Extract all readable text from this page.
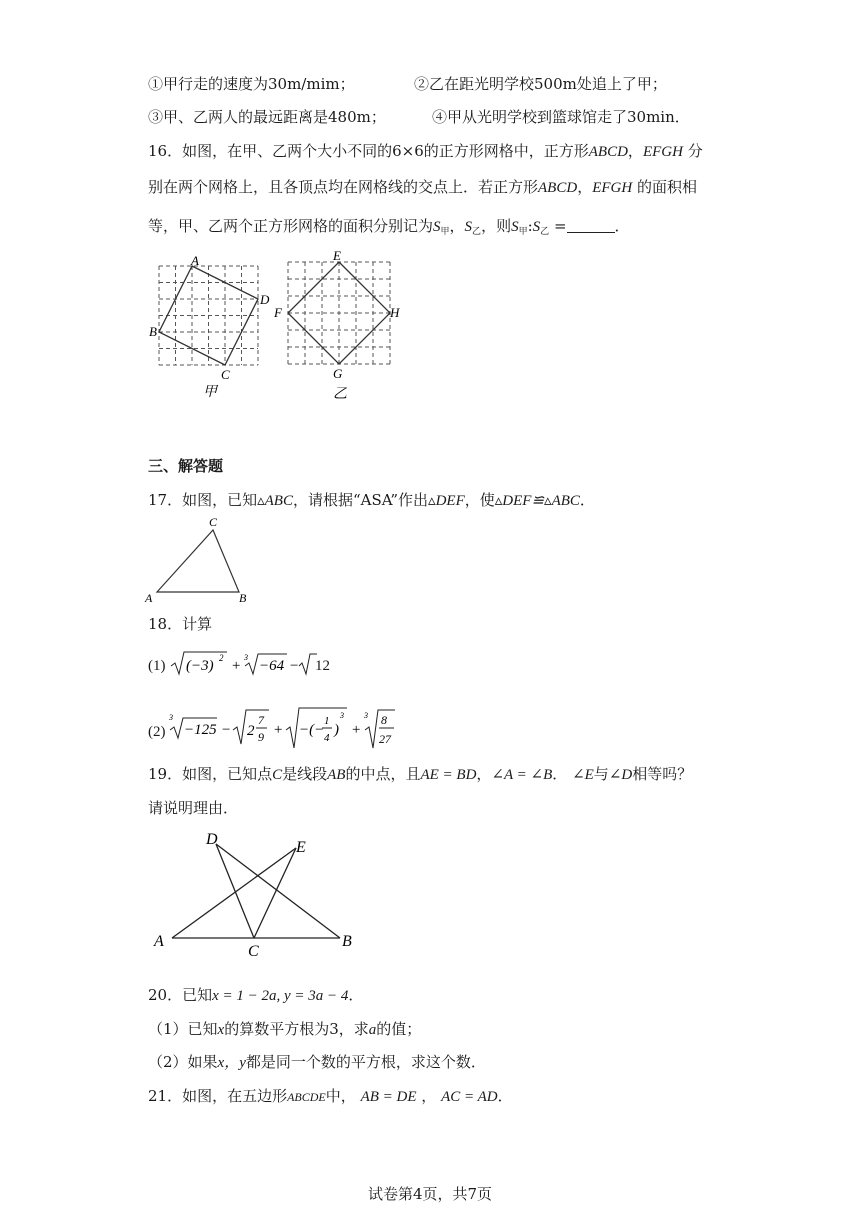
①甲行走的速度为30m/mim；	②乙在距光明学校500m处追上了甲；
③甲、乙两人的最远距离是480m；	④甲从光明学校到篮球馆走了30min．
16．如图，在甲、乙两个大小不同的6×6的正方形网格中，正方形ABCD，EFGH 分
别在两个网格上，且各顶点均在网格线的交点上．若正方形ABCD，EFGH 的面积相
等，甲、乙两个正方形网格的面积分别记为$S_甲$，$S_乙$，则$S_甲:S_乙$ =	．
A
B
C
D
甲
E
F
G
H
乙
三、解答题
17．如图，已知▵ABC，请根据“ASA”作出▵DEF，使▵DEF≌▵ABC．
C
A	B
18．计算
(1) (−3) 2 +
3
−64 − 12
(2)
3
−125 − 2
7
9 + −(−
1
4 )
3
+
3 8
27
19．如图，已知点C是线段AB的中点，且AE = BD，∠A = ∠B． ∠E与∠D相等吗？
请说明理由．
A	B
C
D	E
20．已知x = 1 − 2a, y = 3a − 4．
（1）已知x的算数平方根为3，求a的值；
（2）如果x，y都是同一个数的平方根，求这个数．
21．如图，在五边形ABCDE中， AB = DE ， AC = AD．
试卷第4页，共7页
